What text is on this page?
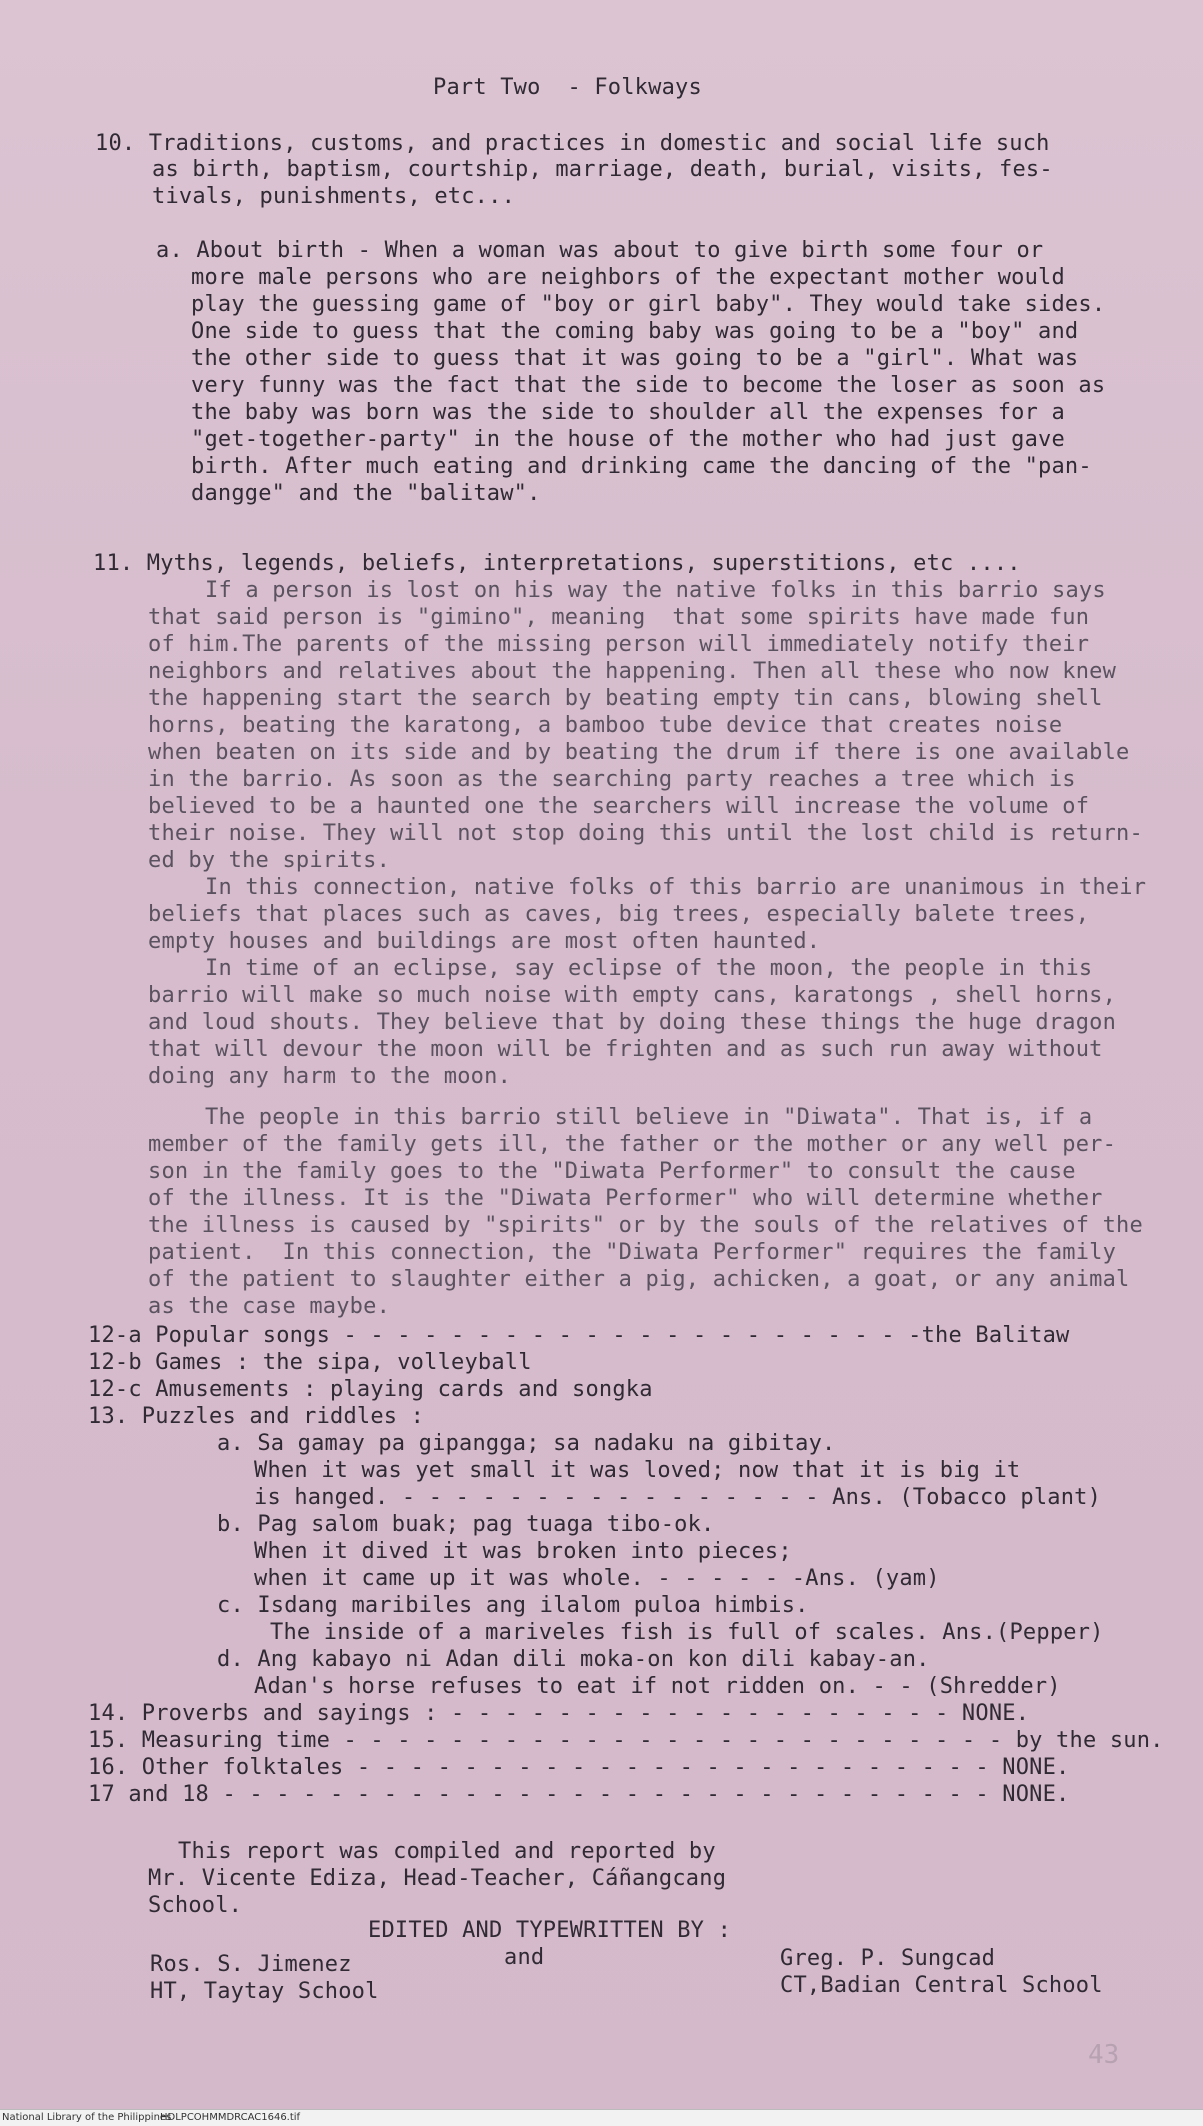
Part Two  - Folkways
10. Traditions, customs, and practices in domestic and social life such
as birth, baptism, courtship, marriage, death, burial, visits, fes-
tivals, punishments, etc...
a. About birth - When a woman was about to give birth some four or
more male persons who are neighbors of the expectant mother would
play the guessing game of "boy or girl baby". They would take sides.
One side to guess that the coming baby was going to be a "boy" and
the other side to guess that it was going to be a "girl". What was
very funny was the fact that the side to become the loser as soon as
the baby was born was the side to shoulder all the expenses for a
"get-together-party" in the house of the mother who had just gave
birth. After much eating and drinking came the dancing of the "pan-
dangge" and the "balitaw".
11. Myths, legends, beliefs, interpretations, superstitions, etc ....
If a person is lost on his way the native folks in this barrio says
that said person is "gimino", meaning  that some spirits have made fun
of him.The parents of the missing person will immediately notify their
neighbors and relatives about the happening. Then all these who now knew
the happening start the search by beating empty tin cans, blowing shell
horns, beating the karatong, a bamboo tube device that creates noise
when beaten on its side and by beating the drum if there is one available
in the barrio. As soon as the searching party reaches a tree which is
believed to be a haunted one the searchers will increase the volume of
their noise. They will not stop doing this until the lost child is return-
ed by the spirits.
In this connection, native folks of this barrio are unanimous in their
beliefs that places such as caves, big trees, especially balete trees,
empty houses and buildings are most often haunted.
In time of an eclipse, say eclipse of the moon, the people in this
barrio will make so much noise with empty cans, karatongs , shell horns,
and loud shouts. They believe that by doing these things the huge dragon
that will devour the moon will be frighten and as such run away without
doing any harm to the moon.
The people in this barrio still believe in "Diwata". That is, if a
member of the family gets ill, the father or the mother or any well per-
son in the family goes to the "Diwata Performer" to consult the cause
of the illness. It is the "Diwata Performer" who will determine whether
the illness is caused by "spirits" or by the souls of the relatives of the
patient.  In this connection, the "Diwata Performer" requires the family
of the patient to slaughter either a pig, achicken, a goat, or any animal
as the case maybe.
12-a Popular songs - - - - - - - - - - - - - - - - - - - - - -the Balitaw
12-b Games : the sipa, volleyball
12-c Amusements : playing cards and songka
13. Puzzles and riddles :
a. Sa gamay pa gipangga; sa nadaku na gibitay.
When it was yet small it was loved; now that it is big it
is hanged. - - - - - - - - - - - - - - - - Ans. (Tobacco plant)
b. Pag salom buak; pag tuaga tibo-ok.
When it dived it was broken into pieces;
when it came up it was whole. - - - - - -Ans. (yam)
c. Isdang maribiles ang ilalom puloa himbis.
The inside of a mariveles fish is full of scales. Ans.(Pepper)
d. Ang kabayo ni Adan dili moka-on kon dili kabay-an.
Adan's horse refuses to eat if not ridden on. - - (Shredder)
14. Proverbs and sayings : - - - - - - - - - - - - - - - - - - - NONE.
15. Measuring time - - - - - - - - - - - - - - - - - - - - - - - - - by the sun.
16. Other folktales - - - - - - - - - - - - - - - - - - - - - - - - NONE.
17 and 18 - - - - - - - - - - - - - - - - - - - - - - - - - - - - - NONE.
This report was compiled and reported by
Mr. Vicente Ediza, Head-Teacher, Cáñangcang
School.
EDITED AND TYPEWRITTEN BY :
and
Ros. S. Jimenez
HT, Taytay School
Greg. P. Sungcad
CT,Badian Central School
43
National Library of the Philippines
HDLPCOHMMDRCAC1646.tif
